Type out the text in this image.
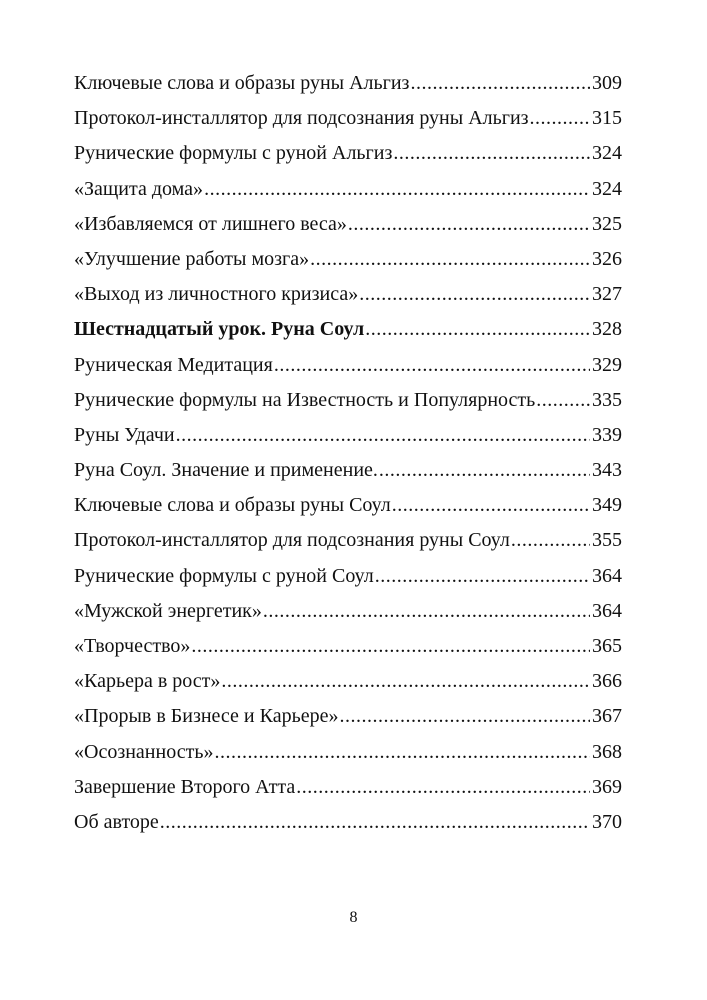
Ключевые слова и образы руны Альгиз .....	309
Протокол-инсталлятор для подсознания руны Альгиз .....	315
Рунические формулы с руной Альгиз .....	324
«Защита дома» .....	324
«Избавляемся от лишнего веса» .....	325
«Улучшение работы мозга» .....	326
«Выход из личностного кризиса» .....	327
Шестнадцатый урок. Руна Соул .....	328
Руническая Медитация .....	329
Рунические формулы на Известность и Популярность .....	335
Руны Удачи .....	339
Руна Соул. Значение и применение. .....	343
Ключевые слова и образы руны Соул .....	349
Протокол-инсталлятор для подсознания руны Соул .....	355
Рунические формулы с руной Соул .....	364
«Мужской энергетик» .....	364
«Творчество» .....	365
«Карьера в рост» .....	366
«Прорыв в Бизнесе и Карьере» .....	367
«Осознанность» .....	368
Завершение Второго Атта .....	369
Об авторе .....	370
8
